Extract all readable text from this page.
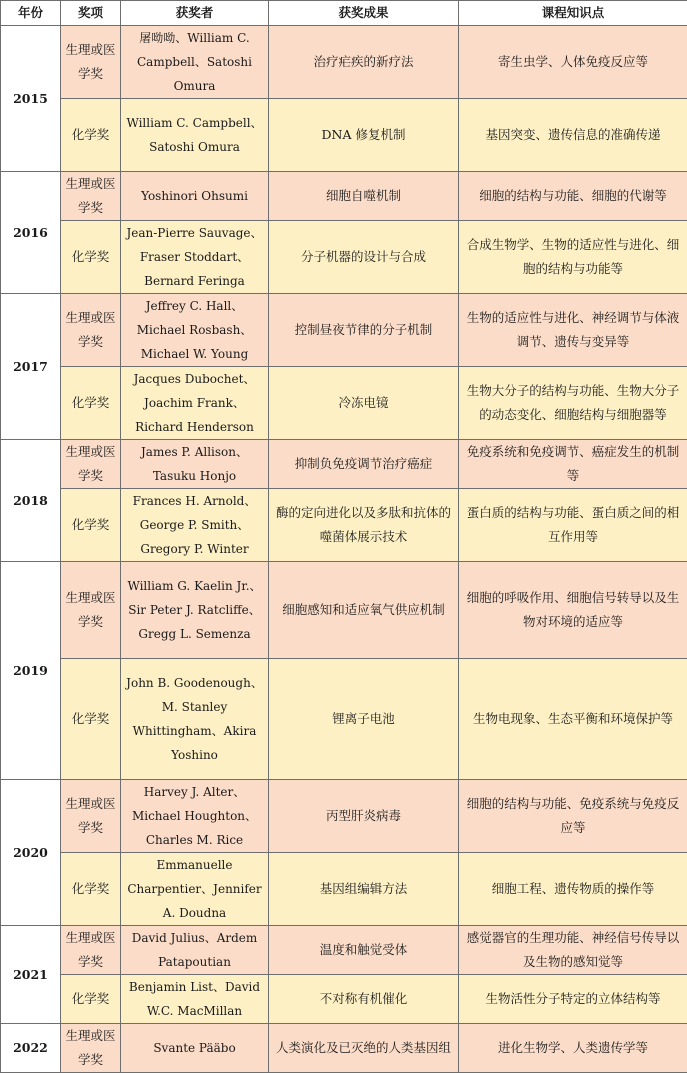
年份	奖项	获奖者	获奖成果	课程知识点
2015	生理或医学奖	屠呦呦、William C. Campbell、Satoshi Omura	治疗疟疾的新疗法	寄生虫学、人体免疫反应等
	化学奖	William C. Campbell、Satoshi Omura	DNA 修复机制	基因突变、遗传信息的准确传递
2016	生理或医学奖	Yoshinori Ohsumi	细胞自噬机制	细胞的结构与功能、细胞的代谢等
	化学奖	Jean-Pierre Sauvage、Fraser Stoddart、Bernard Feringa	分子机器的设计与合成	合成生物学、生物的适应性与进化、细胞的结构与功能等
2017	生理或医学奖	Jeffrey C. Hall、Michael Rosbash、Michael W. Young	控制昼夜节律的分子机制	生物的适应性与进化、神经调节与体液调节、遗传与变异等
	化学奖	Jacques Dubochet、Joachim Frank、Richard Henderson	冷冻电镜	生物大分子的结构与功能、生物大分子的动态变化、细胞结构与细胞器等
2018	生理或医学奖	James P. Allison、Tasuku Honjo	抑制负免疫调节治疗癌症	免疫系统和免疫调节、癌症发生的机制等
	化学奖	Frances H. Arnold、George P. Smith、Gregory P. Winter	酶的定向进化以及多肽和抗体的噬菌体展示技术	蛋白质的结构与功能、蛋白质之间的相互作用等
2019	生理或医学奖	William G. Kaelin Jr.、Sir Peter J. Ratcliffe、Gregg L. Semenza	细胞感知和适应氧气供应机制	细胞的呼吸作用、细胞信号转导以及生物对环境的适应等
	化学奖	John B. Goodenough、M. Stanley Whittingham、Akira Yoshino	锂离子电池	生物电现象、生态平衡和环境保护等
2020	生理或医学奖	Harvey J. Alter、Michael Houghton、Charles M. Rice	丙型肝炎病毒	细胞的结构与功能、免疫系统与免疫反应等
	化学奖	Emmanuelle Charpentier、Jennifer A. Doudna	基因组编辑方法	细胞工程、遗传物质的操作等
2021	生理或医学奖	David Julius、Ardem Patapoutian	温度和触觉受体	感觉器官的生理功能、神经信号传导以及生物的感知觉等
	化学奖	Benjamin List、David W.C. MacMillan	不对称有机催化	生物活性分子特定的立体结构等
2022	生理或医学奖	Svante Pääbo	人类演化及已灭绝的人类基因组	进化生物学、人类遗传学等
